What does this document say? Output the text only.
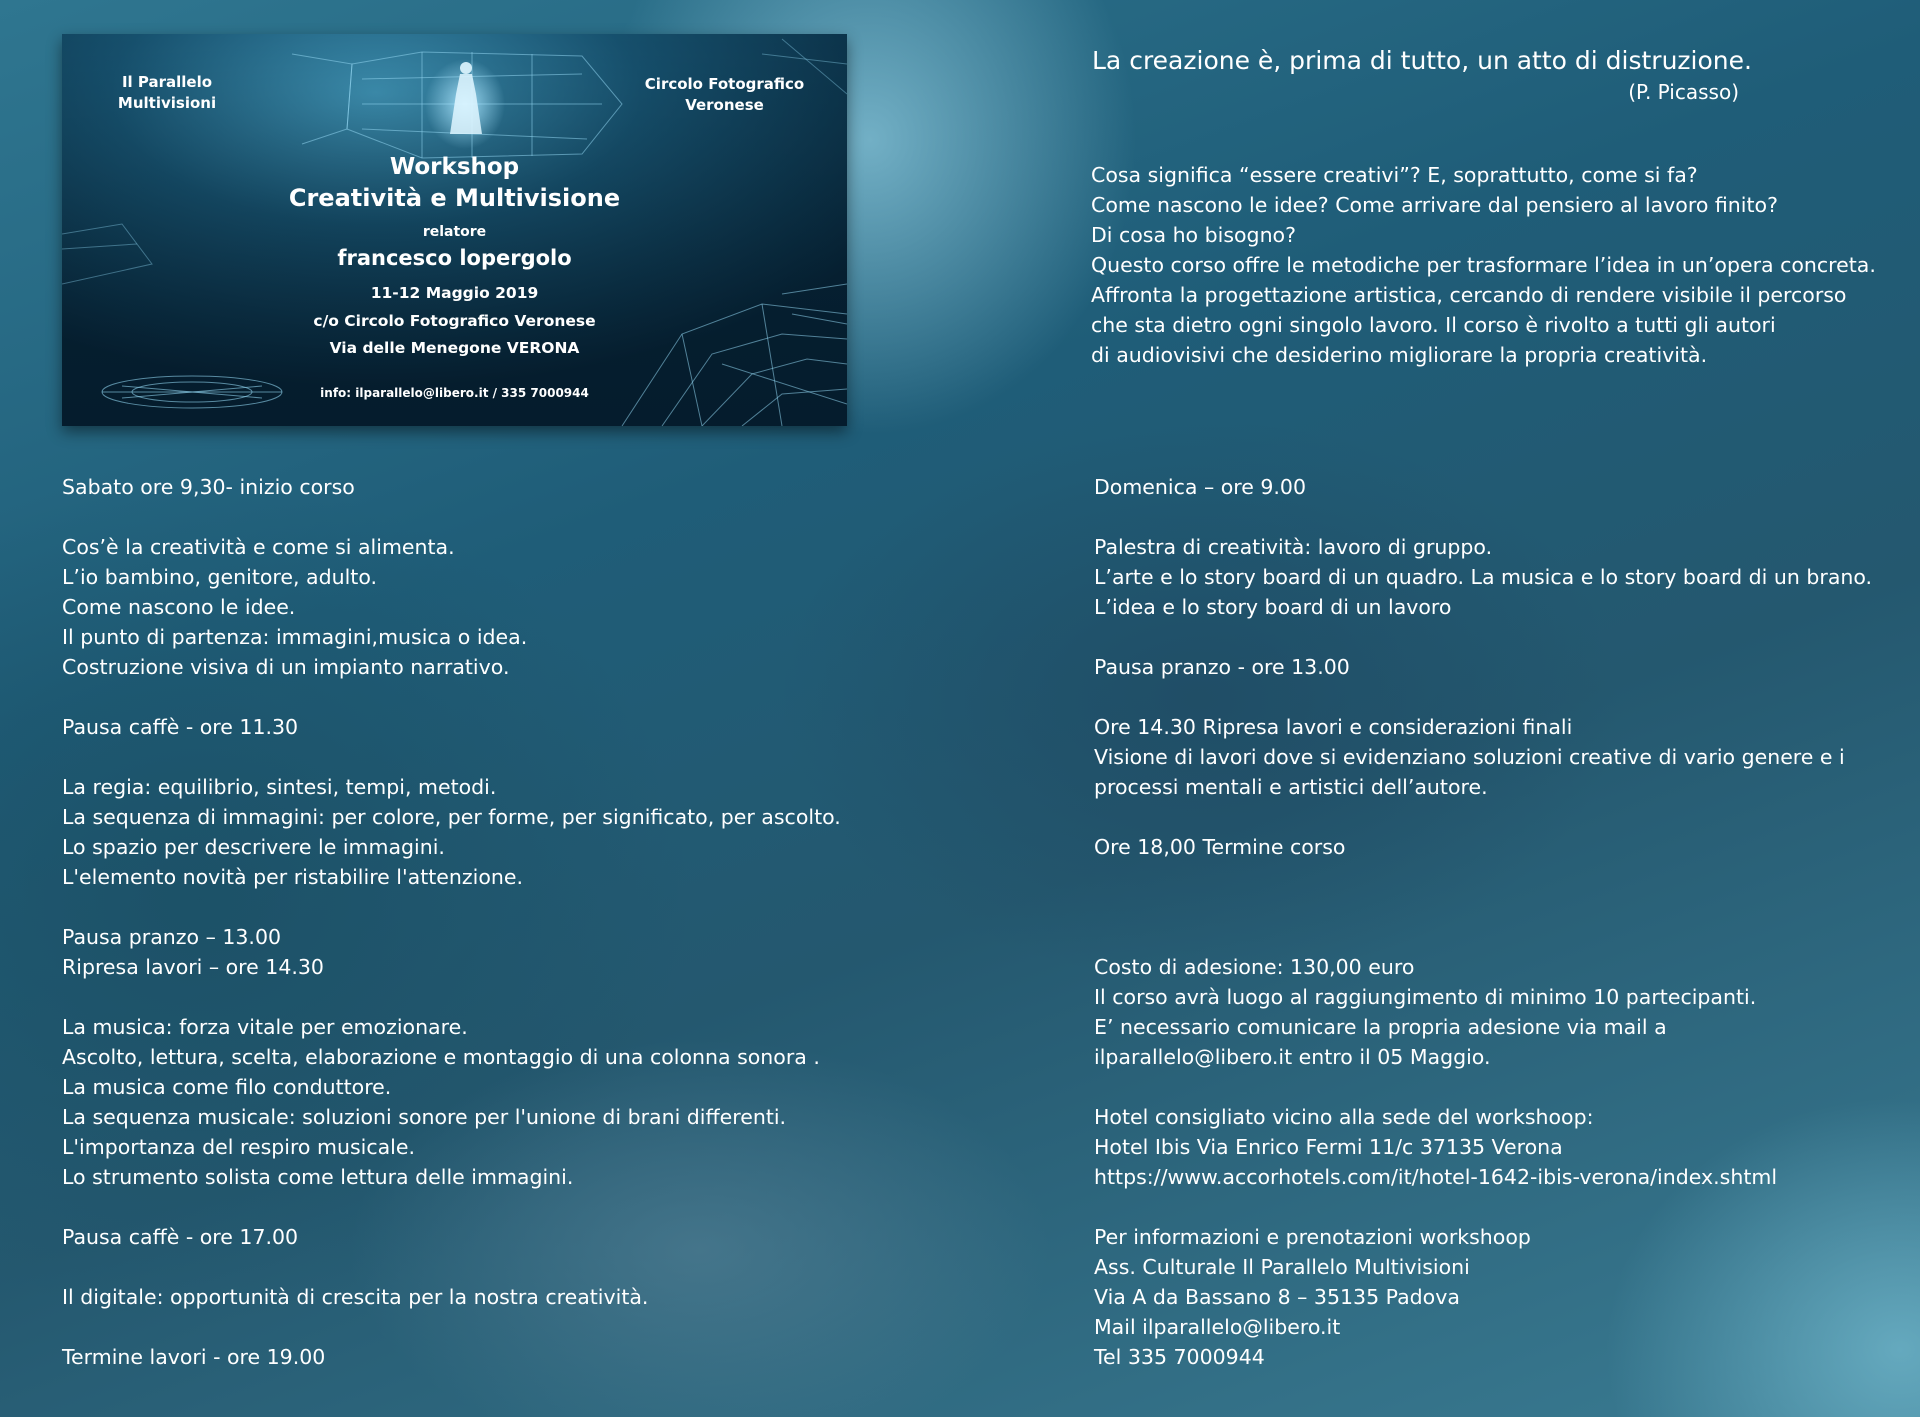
Il Parallelo
Multivisioni
Circolo Fotografico
Veronese
Workshop
Creatività e Multivisione
relatore
francesco lopergolo
11-12 Maggio 2019
c/o Circolo Fotografico Veronese
Via delle Menegone VERONA
info: ilparallelo@libero.it / 335 7000944
La creazione è, prima di tutto, un atto di distruzione.
(P. Picasso)
Cosa significa “essere creativi”? E, soprattutto, come si fa?
Come nascono le idee? Come arrivare dal pensiero al lavoro finito?
Di cosa ho bisogno?
Questo corso offre le metodiche per trasformare l’idea in un’opera concreta.
Affronta la progettazione artistica, cercando di rendere visibile il percorso
che sta dietro ogni singolo lavoro. Il corso è rivolto a tutti gli autori
di audiovisivi che desiderino migliorare la propria creatività.
Sabato ore 9,30- inizio corso
Cos’è la creatività e come si alimenta.
L’io bambino, genitore, adulto.
Come nascono le idee.
Il punto di partenza: immagini,musica o idea.
Costruzione visiva di un impianto narrativo.
Pausa caffè - ore 11.30
La regia: equilibrio, sintesi, tempi, metodi.
La sequenza di immagini: per colore, per forme, per significato, per ascolto.
Lo spazio per descrivere le immagini.
L'elemento novità per ristabilire l'attenzione.
Pausa pranzo – 13.00
Ripresa lavori – ore 14.30
La musica: forza vitale per emozionare.
Ascolto, lettura, scelta, elaborazione e montaggio di una colonna sonora .
La musica come filo conduttore.
La sequenza musicale: soluzioni sonore per l'unione di brani differenti.
L'importanza del respiro musicale.
Lo strumento solista come lettura delle immagini.
Pausa caffè - ore 17.00
Il digitale: opportunità di crescita per la nostra creatività.
Termine lavori - ore 19.00
Domenica – ore 9.00
Palestra di creatività: lavoro di gruppo.
L’arte e lo story board di un quadro. La musica e lo story board di un brano.
L’idea e lo story board di un lavoro
Pausa pranzo - ore 13.00
Ore 14.30 Ripresa lavori e considerazioni finali
Visione di lavori dove si evidenziano soluzioni creative di vario genere e i
processi mentali e artistici dell’autore.
Ore 18,00 Termine corso
Costo di adesione: 130,00 euro
Il corso avrà luogo al raggiungimento di minimo 10 partecipanti.
E’ necessario comunicare la propria adesione via mail a
ilparallelo@libero.it entro il 05 Maggio.
Hotel consigliato vicino alla sede del workshoop:
Hotel Ibis Via Enrico Fermi 11/c 37135 Verona
https://www.accorhotels.com/it/hotel-1642-ibis-verona/index.shtml
Per informazioni e prenotazioni workshoop
Ass. Culturale Il Parallelo Multivisioni
Via A da Bassano 8 – 35135 Padova
Mail ilparallelo@libero.it
Tel 335 7000944
